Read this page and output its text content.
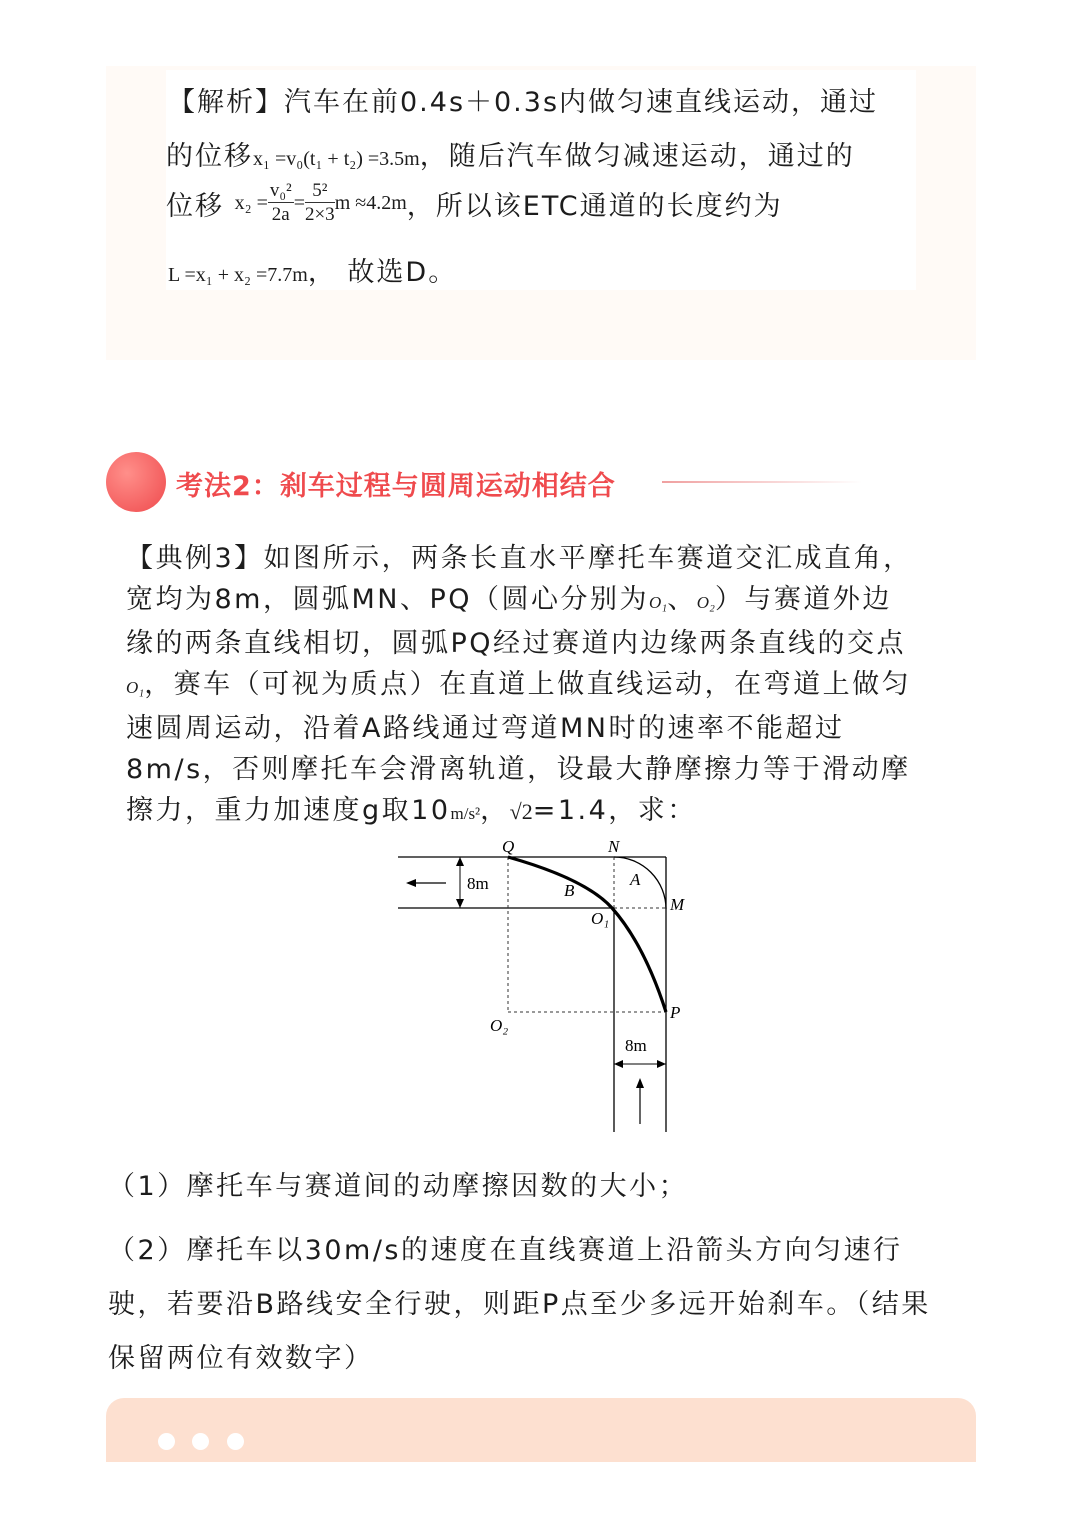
【解析】汽车在前0.4s＋0.3s内做匀速直线运动，通过
的位移x₁ =v₀(t₁ + t₂) =3.5m，随后汽车做匀减速运动，通过的
位移 $x_2 = \frac{\text{v₀²}}{2a} = \frac{\text{5²}}{2\times 3}$ m ≈4.2m，所以该ETC通道的长度约为
L =x₁ + x₂ =7.7m， 故选D。
考法2：刹车过程与圆周运动相结合
【典例3】如图所示，两条长直水平摩托车赛道交汇成直角，
宽均为8m，圆弧MN、PQ（圆心分别为O₁、O₂）与赛道外边
缘的两条直线相切，圆弧PQ经过赛道内边缘两条直线的交点
O₁，赛车（可视为质点）在直道上做直线运动，在弯道上做匀
速圆周运动，沿着A路线通过弯道MN时的速率不能超过
8m/s，否则摩托车会滑离轨道，设最大静摩擦力等于滑动摩
擦力，重力加速度g取10m/s²，√2=1.4，求：
Q	N
A
M
B
O₁
O₂
P
8m
8m
（1）摩托车与赛道间的动摩擦因数的大小；
（2）摩托车以30m/s的速度在直线赛道上沿箭头方向匀速行
驶，若要沿B路线安全行驶，则距P点至少多远开始刹车。（结果
保留两位有效数字）
